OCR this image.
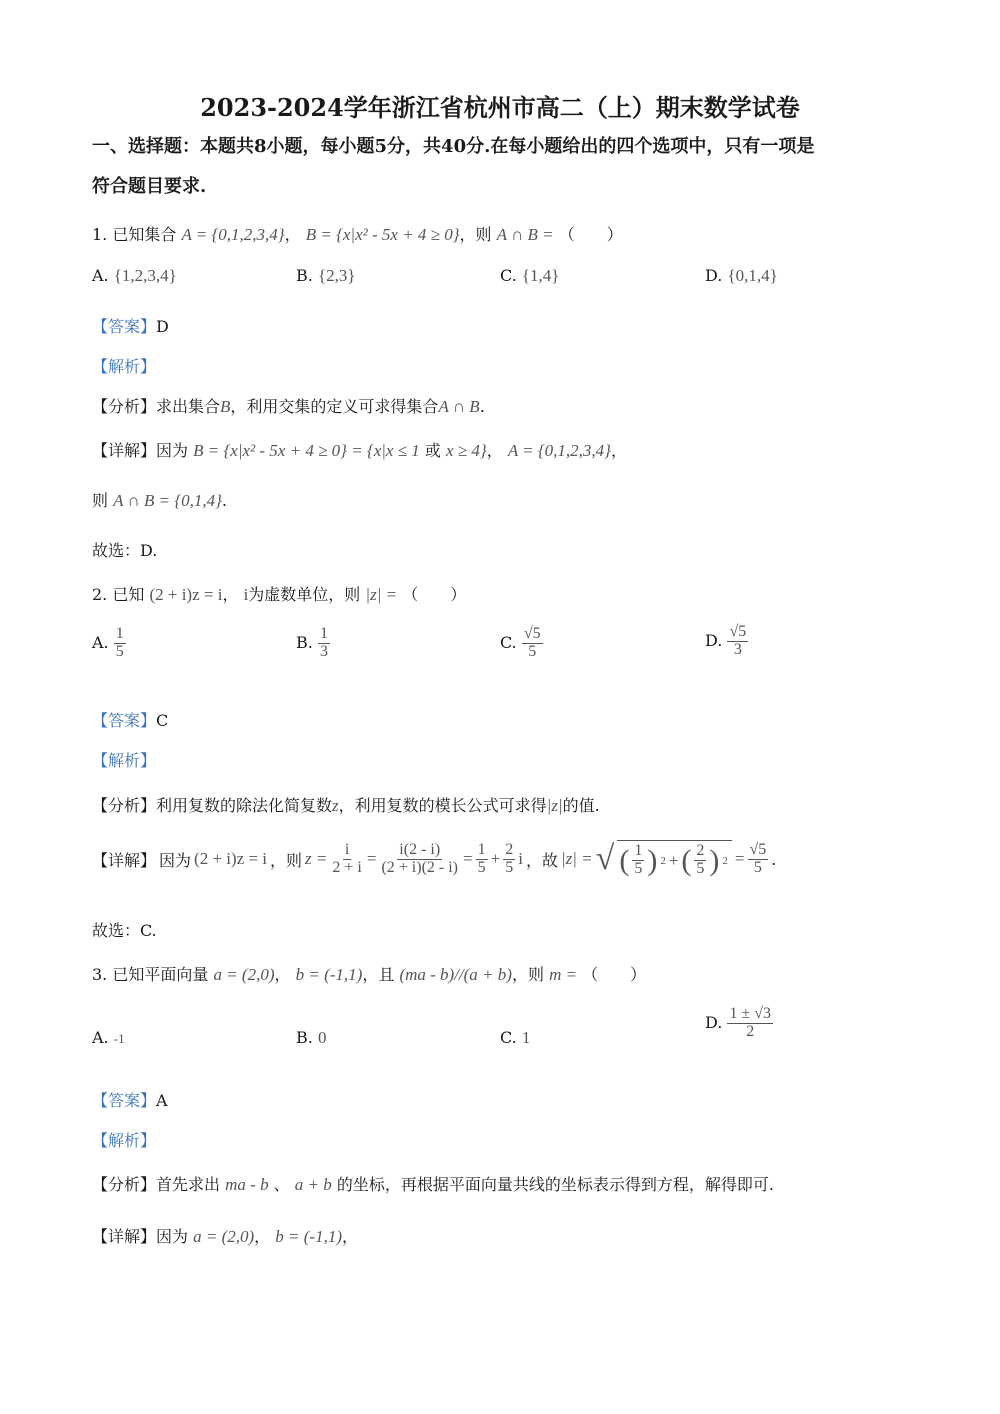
2023-2024学年浙江省杭州市高二（上）期末数学试卷
一、选择题：本题共8小题，每小题5分，共40分.在每小题给出的四个选项中，只有一项是
符合题目要求.
1. 已知集合 A = {0,1,2,3,4}， B = {x|x² - 5x + 4 ≥ 0}，则 A ∩ B = （　　）
A. {1,2,3,4}	B. {2,3}	C. {1,4}	D. {0,1,4}
【答案】D
【解析】
【分析】求出集合B，利用交集的定义可求得集合A ∩ B.
【详解】因为 B = {x|x² - 5x + 4 ≥ 0} = {x|x ≤ 1 或 x ≥ 4}， A = {0,1,2,3,4}，
则 A ∩ B = {0,1,4}.
故选：D.
2. 已知 (2 + i)z = i， i为虚数单位，则 |z| = （　　）
A. $\frac{1}{5}$	B. $\frac{1}{3}$	C. $\frac{√5}{5}$	D. $\frac{√5}{3}$
【答案】C
【解析】
【分析】利用复数的除法化简复数z，利用复数的模长公式可求得|z|的值.
【详解】 因为 (2 + i)z = i ，则 $z = \frac{i}{2 + i} = \frac{i(2 - i)}{(2 + i)(2 - i)} = \frac{1}{5} + \frac{2}{5}$ i ，故 |z| = √ ( $\frac{1}{5}$ ) 2 + ( $\frac{2}{5}$ ) $2 = \frac{√5}{5}$ .
故选：C.
3. 已知平面向量 a = (2,0)， b = (-1,1)，且 (ma - b)//(a + b)，则 m = （　　）
A. -1	B. 0	C. 1
D. $\frac{1 \pm √3}{2}$
【答案】A
【解析】
【分析】首先求出 ma - b 、 a + b 的坐标，再根据平面向量共线的坐标表示得到方程，解得即可.
【详解】因为 a = (2,0)， b = (-1,1)，
